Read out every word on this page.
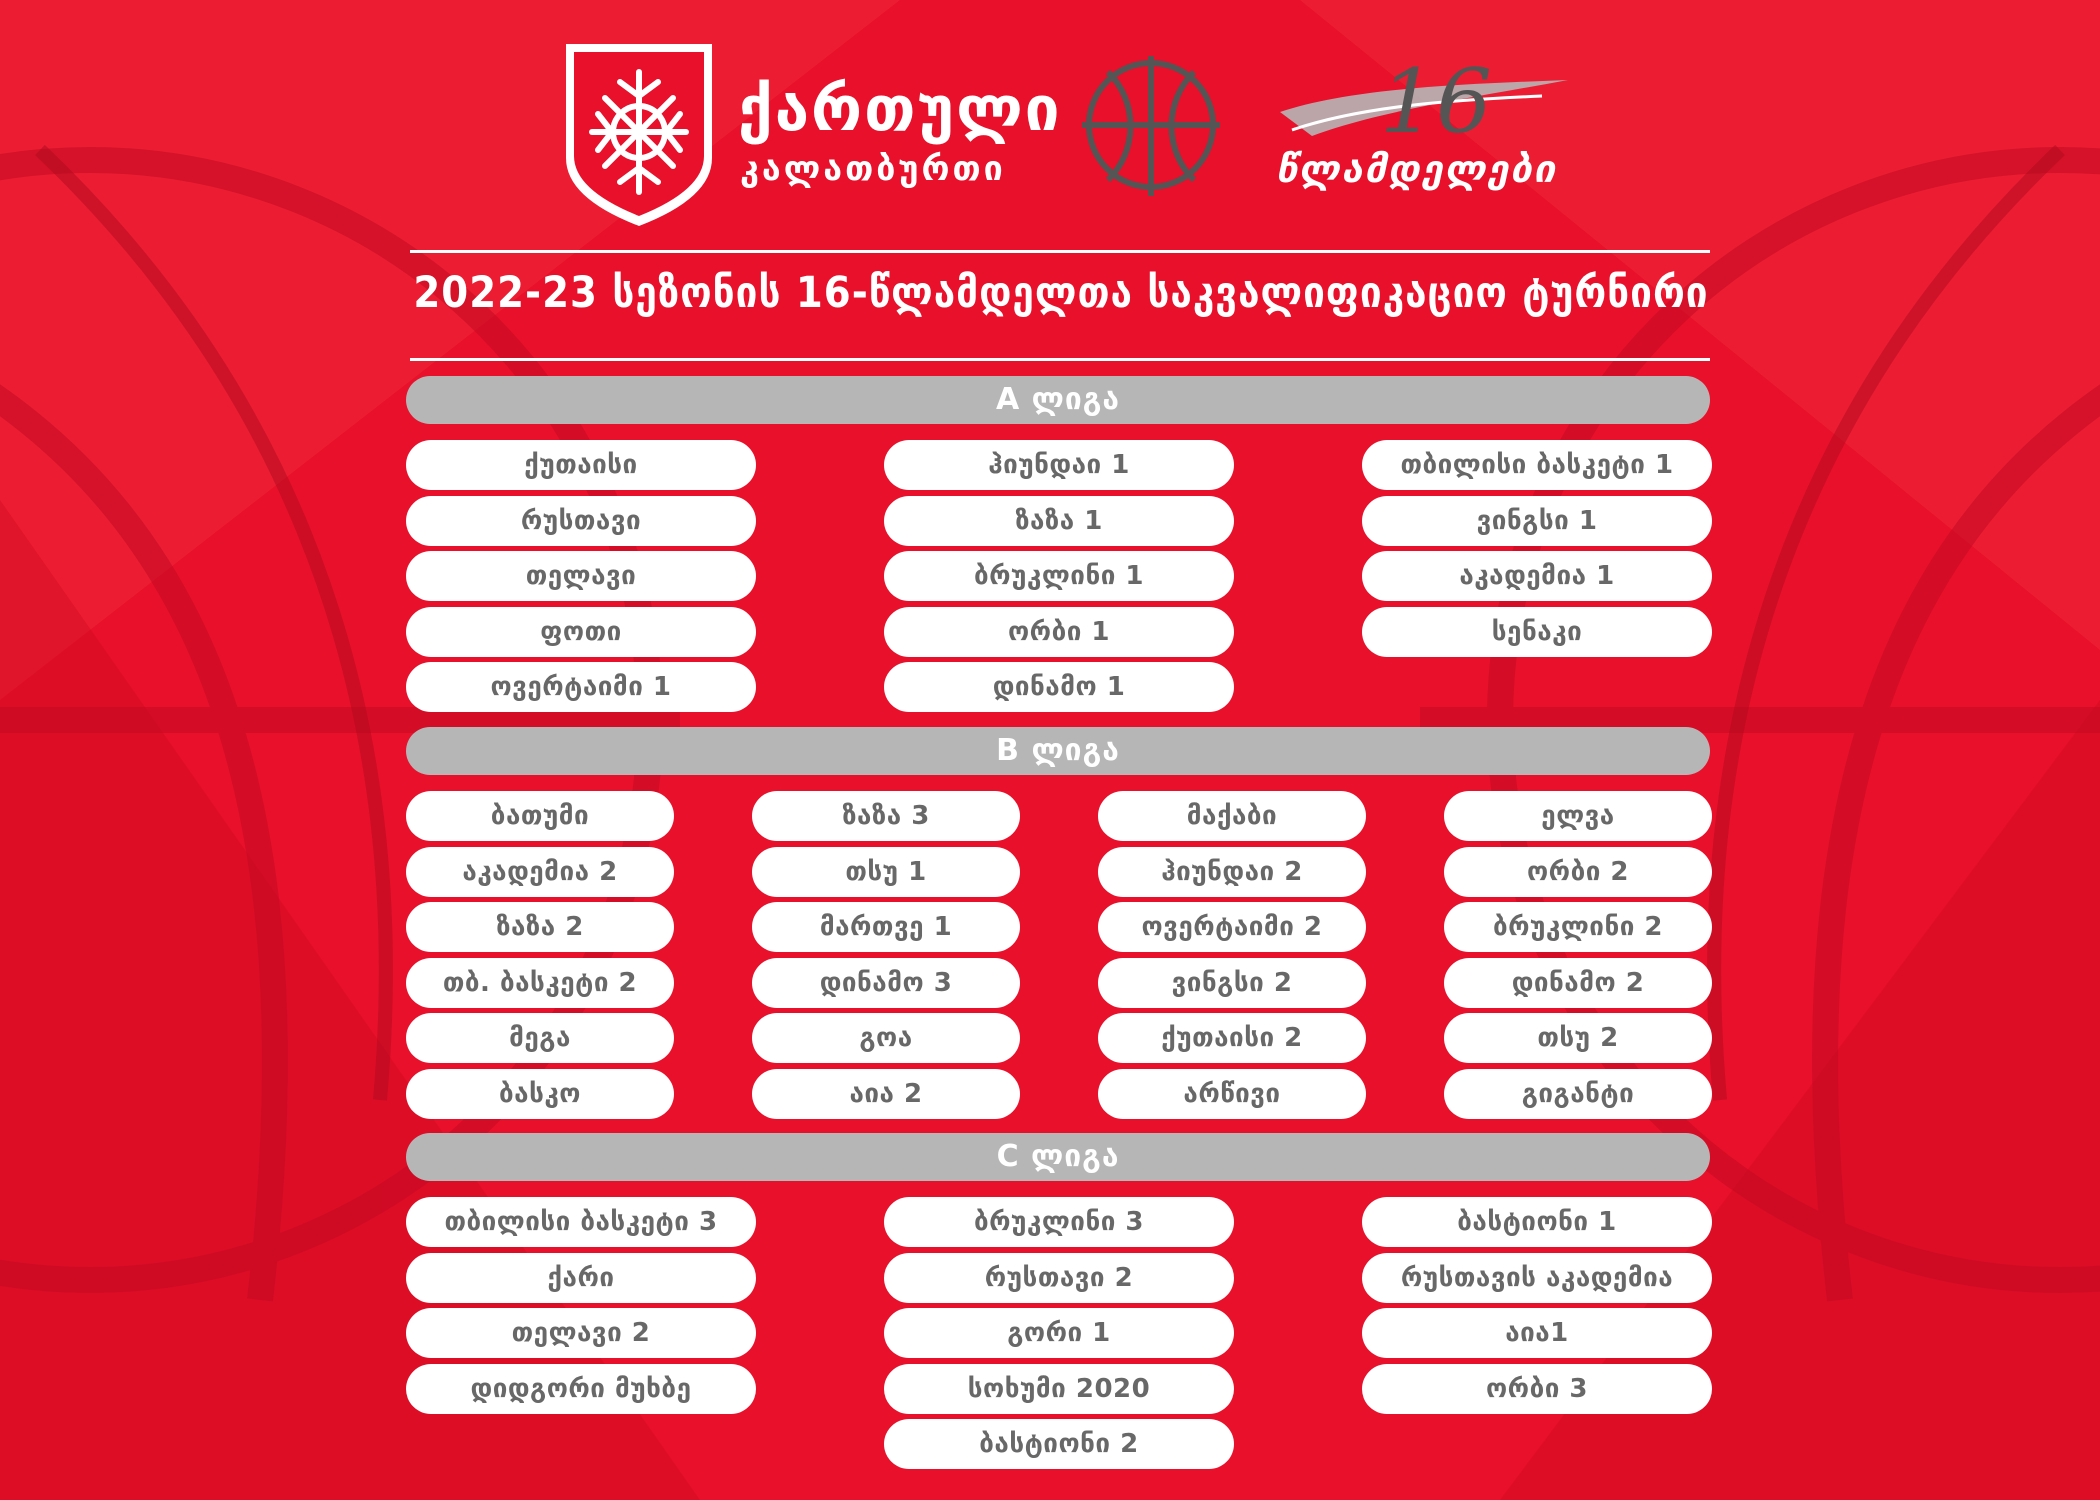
ქართული
კალათბურთი
16
წლამდელები
2022-23 სეზონის 16-წლამდელთა საკვალიფიკაციო ტურნირი
A ლიგა
ქუთაისი
რუსთავი
თელავი
ფოთი
ოვერტაიმი 1
ჰიუნდაი 1
ზაზა 1
ბრუკლინი 1
ორბი 1
დინამო 1
თბილისი ბასკეტი 1
ვინგსი 1
აკადემია 1
სენაკი
B ლიგა
ბათუმი
აკადემია 2
ზაზა 2
თბ. ბასკეტი 2
მეგა
ბასკო
ზაზა 3
თსუ 1
მართვე 1
დინამო 3
გოა
აია 2
მაქაბი
ჰიუნდაი 2
ოვერტაიმი 2
ვინგსი 2
ქუთაისი 2
არწივი
ელვა
ორბი 2
ბრუკლინი 2
დინამო 2
თსუ 2
გიგანტი
C ლიგა
თბილისი ბასკეტი 3
ქარი
თელავი 2
დიდგორი მუხბე
ბრუკლინი 3
რუსთავი 2
გორი 1
სოხუმი 2020
ბასტიონი 2
ბასტიონი 1
რუსთავის აკადემია
აია1
ორბი 3
